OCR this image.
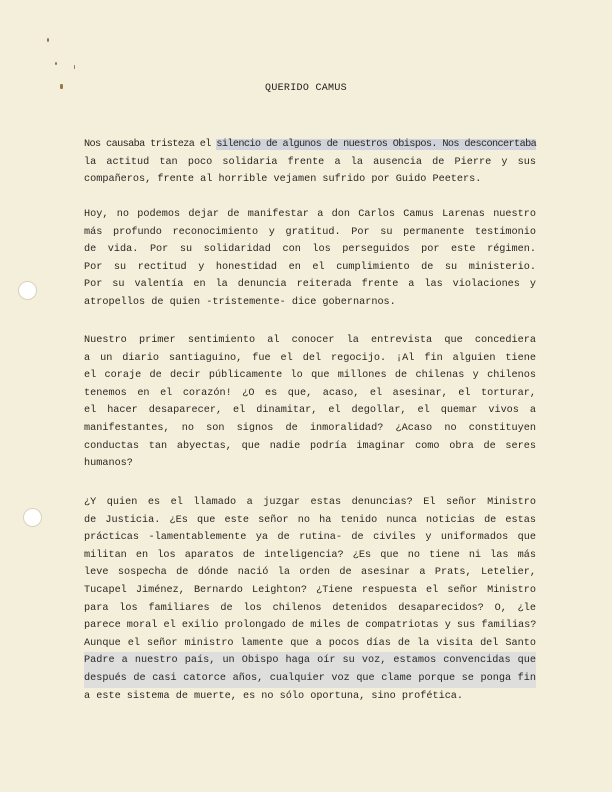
QUERIDO CAMUS
Nos causaba tristeza el silencio de algunos de nuestros Obispos. Nos desconcertaba
la actitud tan poco solidaria frente a la ausencia de Pierre y sus
compañeros, frente al horrible vejamen sufrido por Guido Peeters.
Hoy, no podemos dejar de manifestar a don Carlos Camus Larenas nuestro
más profundo reconocimiento y gratitud. Por su permanente testimonio
de vida. Por su solidaridad con los perseguidos por este régimen.
Por su rectitud y honestidad en el cumplimiento de su ministerio.
Por su valentía en la denuncia reiterada frente a las violaciones y
atropellos de quien -tristemente- dice gobernarnos.
Nuestro primer sentimiento al conocer la entrevista que concediera
a un diario santiaguino, fue el del regocijo. ¡Al fin alguien tiene
el coraje de decir públicamente lo que millones de chilenas y chilenos
tenemos en el corazón! ¿O es que, acaso, el asesinar, el torturar,
el hacer desaparecer, el dinamitar, el degollar, el quemar vivos a
manifestantes, no son signos de inmoralidad? ¿Acaso no constituyen
conductas tan abyectas, que nadie podría imaginar como obra de seres
humanos?
¿Y quien es el llamado a juzgar estas denuncias? El señor Ministro
de Justicia. ¿Es que este señor no ha tenido nunca noticias de estas
prácticas -lamentablemente ya de rutina- de civiles y uniformados que
militan en los aparatos de inteligencia? ¿Es que no tiene ni las más
leve sospecha de dónde nació la orden de asesinar a Prats, Letelier,
Tucapel Jiménez, Bernardo Leighton? ¿Tiene respuesta el señor Ministro
para los familiares de los chilenos detenidos desaparecidos? O, ¿le
parece moral el exilio prolongado de miles de compatriotas y sus familias?
Aunque el señor ministro lamente que a pocos días de la visita del Santo
Padre a nuestro país, un Obispo haga oír su voz, estamos convencidas que
después de casi catorce años, cualquier voz que clame porque se ponga fin
a este sistema de muerte, es no sólo oportuna, sino profética.
